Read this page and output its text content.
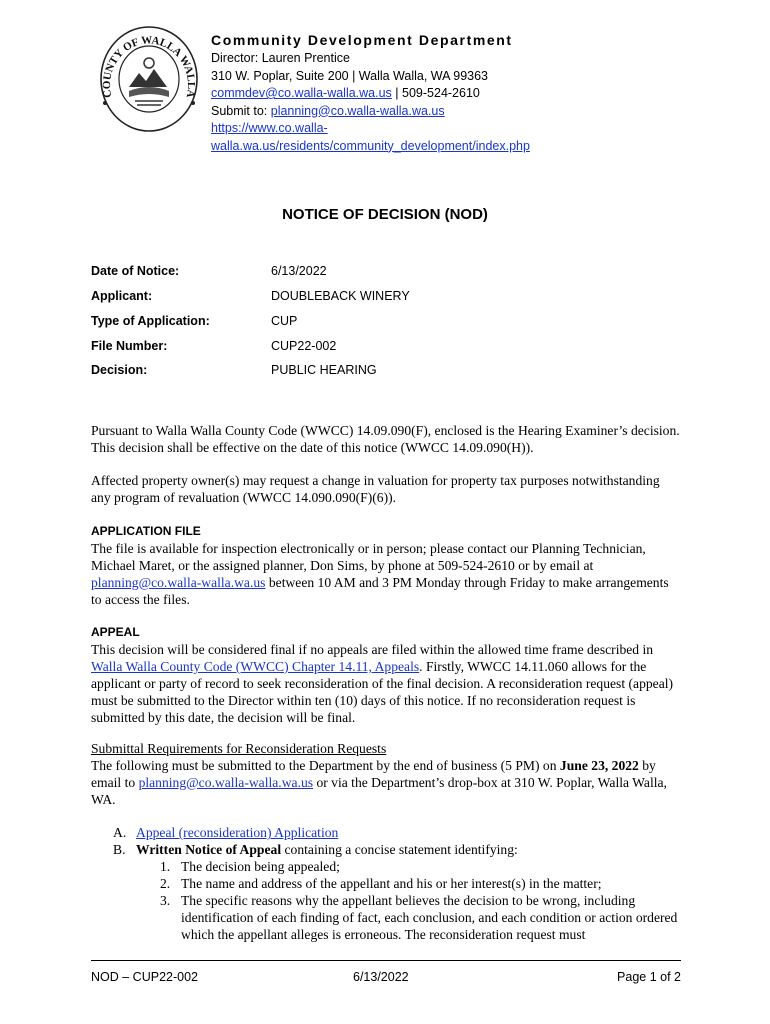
COUNTY OF WALLA WALLA
Community Development Department
Director: Lauren Prentice
310 W. Poplar, Suite 200 | Walla Walla, WA 99363
commdev@co.walla-walla.wa.us | 509-524-2610
Submit to: planning@co.walla-walla.wa.us
https://www.co.walla-
walla.wa.us/residents/community_development/index.php
NOTICE OF DECISION (NOD)
Date of Notice:	6/13/2022
Applicant:	DOUBLEBACK WINERY
Type of Application:	CUP
File Number:	CUP22-002
Decision:	PUBLIC HEARING
Pursuant to Walla Walla County Code (WWCC) 14.09.090(F), enclosed is the Hearing Examiner’s decision. This decision shall be effective on the date of this notice (WWCC 14.09.090(H)).
Affected property owner(s) may request a change in valuation for property tax purposes notwithstanding any program of revaluation (WWCC 14.090.090(F)(6)).
APPLICATION FILE
The file is available for inspection electronically or in person; please contact our Planning Technician, Michael Maret, or the assigned planner, Don Sims, by phone at 509-524-2610 or by email at planning@co.walla-walla.wa.us between 10 AM and 3 PM Monday through Friday to make arrangements to access the files.
APPEAL
This decision will be considered final if no appeals are filed within the allowed time frame described in Walla Walla County Code (WWCC) Chapter 14.11, Appeals. Firstly, WWCC 14.11.060 allows for the applicant or party of record to seek reconsideration of the final decision. A reconsideration request (appeal) must be submitted to the Director within ten (10) days of this notice. If no reconsideration request is submitted by this date, the decision will be final.
Submittal Requirements for Reconsideration Requests
The following must be submitted to the Department by the end of business (5 PM) on June 23, 2022 by email to planning@co.walla-walla.wa.us or via the Department’s drop-box at 310 W. Poplar, Walla Walla, WA.
A. Appeal (reconsideration) Application
B. Written Notice of Appeal containing a concise statement identifying:
1. The decision being appealed;
2. The name and address of the appellant and his or her interest(s) in the matter;
3. The specific reasons why the appellant believes the decision to be wrong, including identification of each finding of fact, each conclusion, and each condition or action ordered which the appellant alleges is erroneous. The reconsideration request must
NOD – CUP22-002	6/13/2022	Page 1 of 2
